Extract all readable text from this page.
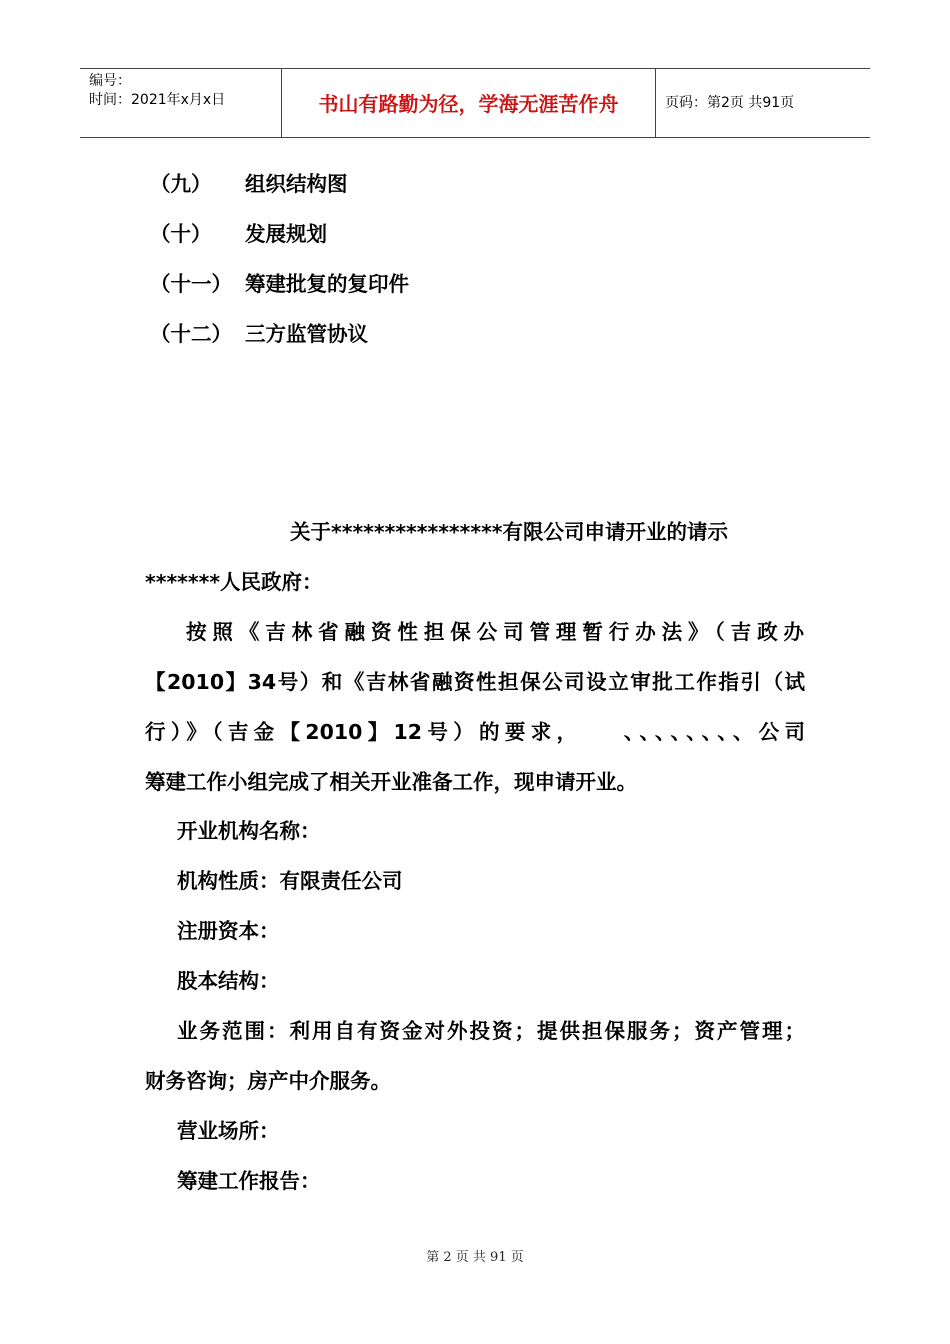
编号：
时间：2021年x月x日	书山有路勤为径，学海无涯苦作舟	页码：第2页 共91页
（九） 组织结构图
（十） 发展规划
（十一） 筹建批复的复印件
（十二） 三方监管协议
关于****************有限公司申请开业的请示
*******人民政府：
按照《吉林省融资性担保公司管理暂行办法》（吉政办
【2010】34号）和《吉林省融资性担保公司设立审批工作指引（试
行）》（吉金【2010】12号）的要求，　　、、、、、、、、公司
筹建工作小组完成了相关开业准备工作，现申请开业。
开业机构名称：
机构性质：有限责任公司
注册资本：
股本结构：
业务范围：利用自有资金对外投资；提供担保服务；资产管理；
财务咨询；房产中介服务。
营业场所：
筹建工作报告：
第 2 页 共 91 页
